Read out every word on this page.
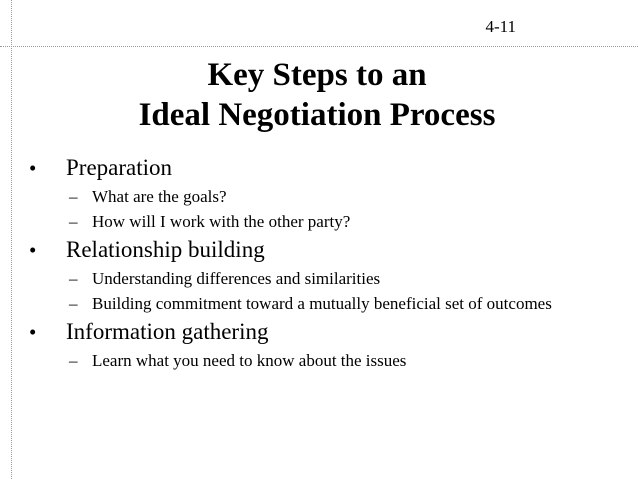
4-11
Key Steps to an
Ideal Negotiation Process
• Preparation
– What are the goals?
– How will I work with the other party?
• Relationship building
– Understanding differences and similarities
– Building commitment toward a mutually beneficial set of outcomes
• Information gathering
– Learn what you need to know about the issues
